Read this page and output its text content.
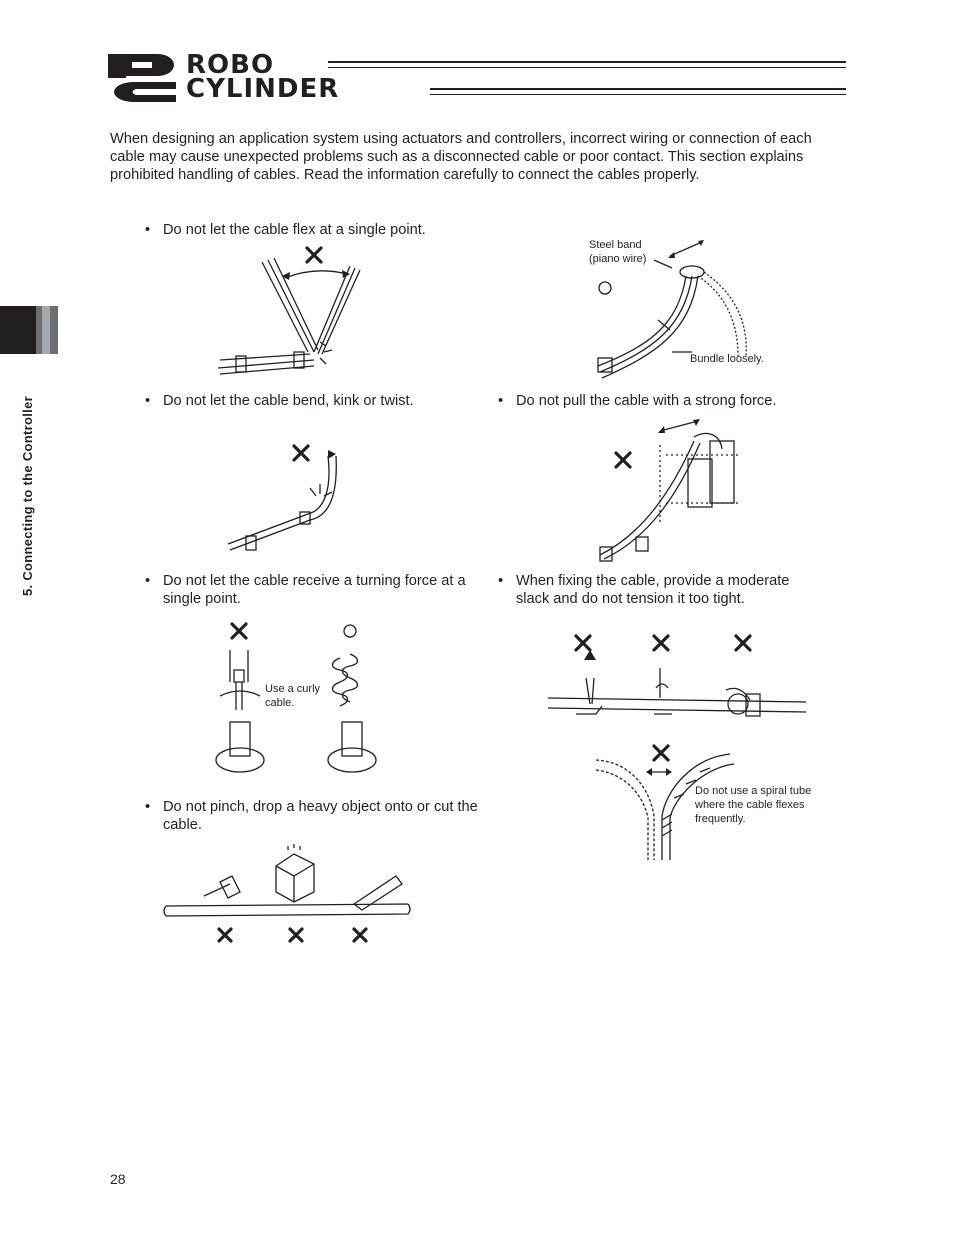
ROBO
CYLINDER
5. Connecting to the Controller
When designing an application system using actuators and controllers, incorrect wiring or connection of each cable may cause unexpected problems such as a disconnected cable or poor contact. This section explains prohibited handling of cables. Read the information carefully to connect the cables properly.
• Do not let the cable flex at a single point.
Steel band
(piano wire)
Bundle loosely.
• Do not let the cable bend, kink or twist.	• Do not pull the cable with a strong force.
• Do not let the cable receive a turning force at a single point.
• When fixing the cable, provide a moderate slack and do not tension it too tight.
Use a curly
cable.
Do not use a spiral tube
where the cable flexes
frequently.
• Do not pinch, drop a heavy object onto or cut the cable.
28
